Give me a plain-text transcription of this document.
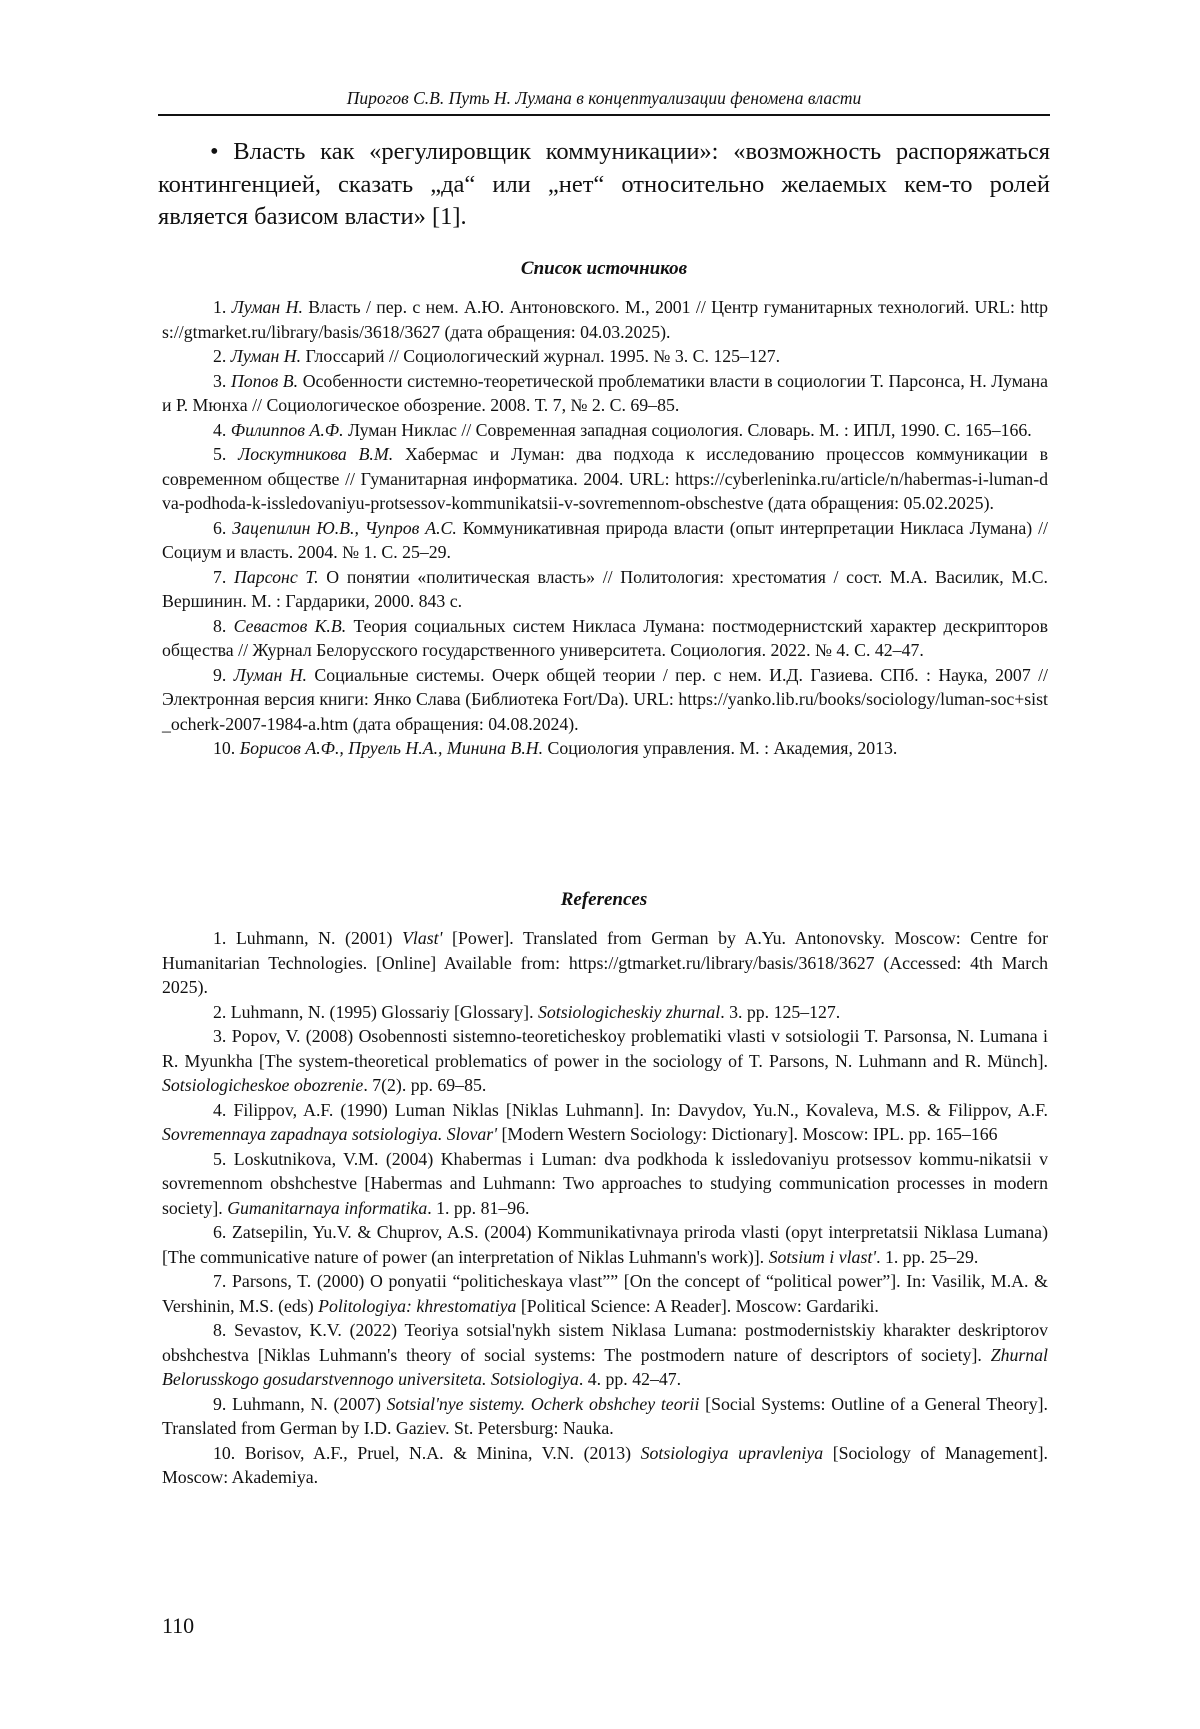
Пирогов С.В. Путь Н. Лумана в концептуализации феномена власти

• Власть как «регулировщик коммуникации»: «возможность распоряжаться контингенцией, сказать „да“ или „нет“ относительно желаемых кем-то ролей является базисом власти» [1].

Список источников
1. Луман Н. Власть / пер. с нем. А.Ю. Антоновского. М., 2001 // Центр гуманитарных технологий. URL: https://gtmarket.ru/library/basis/3618/3627 (дата обращения: 04.03.2025).
2. Луман Н. Глоссарий // Социологический журнал. 1995. № 3. С. 125–127.
3. Попов В. Особенности системно-теоретической проблематики власти в социологии Т. Парсонса, Н. Лумана и Р. Мюнха // Социологическое обозрение. 2008. Т. 7, № 2. С. 69–85.
4. Филиппов А.Ф. Луман Никлас // Современная западная социология. Словарь. М. : ИПЛ, 1990. С. 165–166.
5. Лоскутникова В.М. Хабермас и Луман: два подхода к исследованию процессов коммуникации в современном обществе // Гуманитарная информатика. 2004. URL: https://cyberleninka.ru/article/n/habermas-i-luman-dva-podhoda-k-issledovaniyu-protsessov-kommunikatsii-v-sovremennom-obschestve (дата обращения: 05.02.2025).
6. Зацепилин Ю.В., Чупров А.С. Коммуникативная природа власти (опыт интерпретации Никласа Лумана) // Социум и власть. 2004. № 1. С. 25–29.
7. Парсонс Т. О понятии «политическая власть» // Политология: хрестоматия / сост. М.А. Василик, М.С. Вершинин. М. : Гардарики, 2000. 843 с.
8. Севастов К.В. Теория социальных систем Никласа Лумана: постмодернистский характер дескрипторов общества // Журнал Белорусского государственного университета. Социология. 2022. № 4. С. 42–47.
9. Луман Н. Социальные системы. Очерк общей теории / пер. с нем. И.Д. Газиева. СПб. : Наука, 2007 // Электронная версия книги: Янко Слава (Библиотека Fort/Da). URL: https://yanko.lib.ru/books/sociology/luman-soc+sist_ocherk-2007-1984-a.htm (дата обращения: 04.08.2024).
10. Борисов А.Ф., Пруель Н.А., Минина В.Н. Социология управления. М. : Академия, 2013.
References
1. Luhmann, N. (2001) Vlast' [Power]. Translated from German by A.Yu. Antonovsky. Moscow: Centre for Humanitarian Technologies. [Online] Available from: https://gtmarket.ru/library/basis/3618/3627 (Accessed: 4th March 2025).
2. Luhmann, N. (1995) Glossariy [Glossary]. Sotsiologicheskiy zhurnal. 3. pp. 125–127.
3. Popov, V. (2008) Osobennosti sistemno-teoreticheskoy problematiki vlasti v sotsiologii T. Parsonsa, N. Lumana i R. Myunkha [The system-theoretical problematics of power in the sociology of T. Parsons, N. Luhmann and R. Münch]. Sotsiologicheskoe obozrenie. 7(2). pp. 69–85.
4. Filippov, A.F. (1990) Luman Niklas [Niklas Luhmann]. In: Davydov, Yu.N., Kovaleva, M.S. & Filippov, A.F. Sovremennaya zapadnaya sotsiologiya. Slovar' [Modern Western Sociology: Dictionary]. Moscow: IPL. pp. 165–166
5. Loskutnikova, V.M. (2004) Khabermas i Luman: dva podkhoda k issledovaniyu protsessov kommu-nikatsii v sovremennom obshchestve [Habermas and Luhmann: Two approaches to studying communication processes in modern society]. Gumanitarnaya informatika. 1. pp. 81–96.
6. Zatsepilin, Yu.V. & Chuprov, A.S. (2004) Kommunikativnaya priroda vlasti (opyt interpretatsii Niklasa Lumana) [The communicative nature of power (an interpretation of Niklas Luhmann's work)]. Sotsium i vlast'. 1. pp. 25–29.
7. Parsons, T. (2000) O ponyatii “politicheskaya vlast”” [On the concept of “political power”]. In: Vasilik, M.A. & Vershinin, M.S. (eds) Politologiya: khrestomatiya [Political Science: A Reader]. Moscow: Gardariki.
8. Sevastov, K.V. (2022) Teoriya sotsial'nykh sistem Niklasa Lumana: postmodernistskiy kharakter deskriptorov obshchestva [Niklas Luhmann's theory of social systems: The postmodern nature of descriptors of society]. Zhurnal Belorusskogo gosudarstvennogo universiteta. Sotsiologiya. 4. pp. 42–47.
9. Luhmann, N. (2007) Sotsial'nye sistemy. Ocherk obshchey teorii [Social Systems: Outline of a General Theory]. Translated from German by I.D. Gaziev. St. Petersburg: Nauka.
10. Borisov, A.F., Pruel, N.A. & Minina, V.N. (2013) Sotsiologiya upravleniya [Sociology of Management]. Moscow: Akademiya.
110
